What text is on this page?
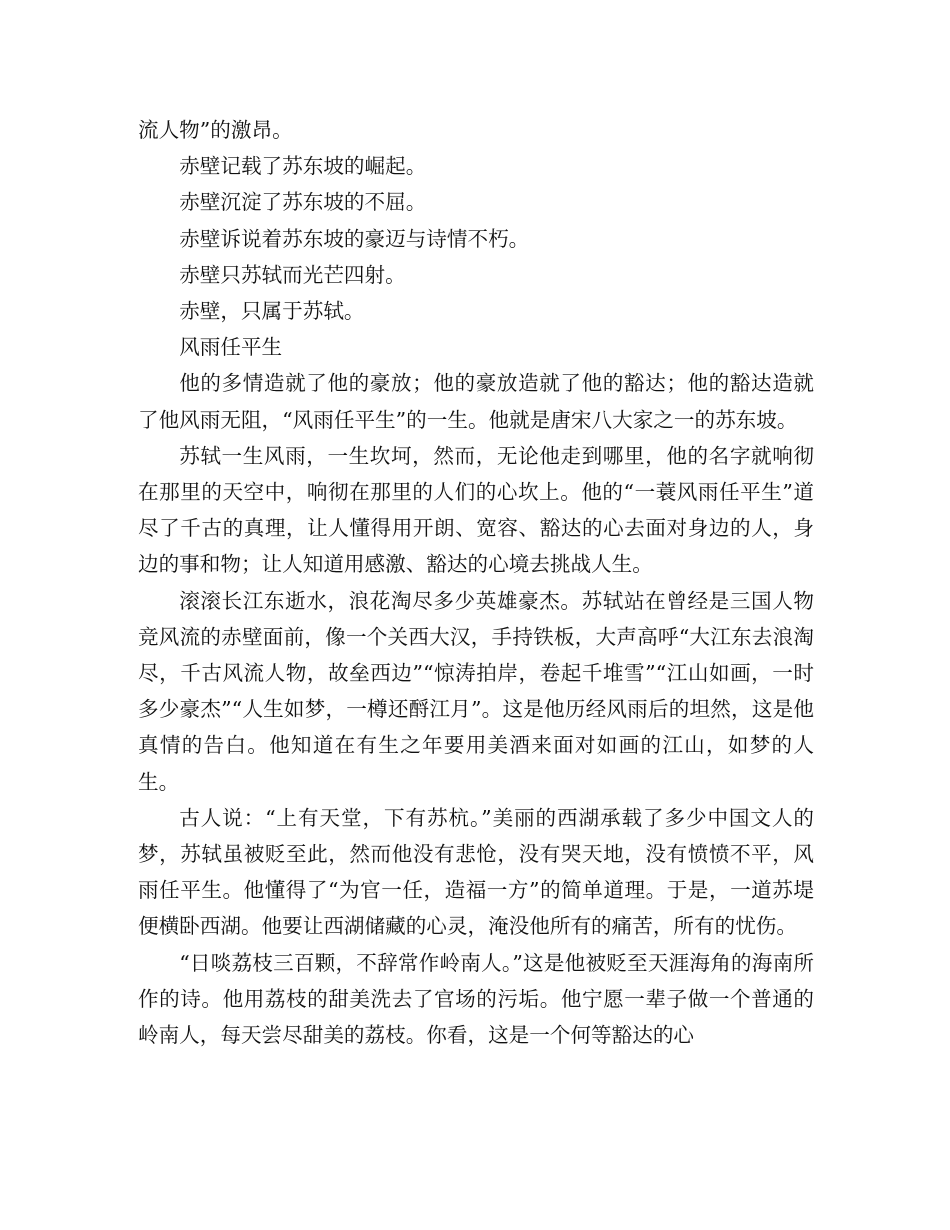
流人物”的激昂。

赤壁记载了苏东坡的崛起。

赤壁沉淀了苏东坡的不屈。

赤壁诉说着苏东坡的豪迈与诗情不朽。

赤壁只苏轼而光芒四射。

赤壁，只属于苏轼。

风雨任平生

他的多情造就了他的豪放；他的豪放造就了他的豁达；他的豁达造就了他风雨无阻，“风雨任平生”的一生。他就是唐宋八大家之一的苏东坡。

苏轼一生风雨，一生坎坷，然而，无论他走到哪里，他的名字就响彻在那里的天空中，响彻在那里的人们的心坎上。他的“一蓑风雨任平生”道尽了千古的真理，让人懂得用开朗、宽容、豁达的心去面对身边的人，身边的事和物；让人知道用感激、豁达的心境去挑战人生。

滚滚长江东逝水，浪花淘尽多少英雄豪杰。苏轼站在曾经是三国人物竞风流的赤壁面前，像一个关西大汉，手持铁板，大声高呼“大江东去浪淘尽，千古风流人物，故垒西边”“惊涛拍岸，卷起千堆雪”“江山如画，一时多少豪杰”“人生如梦，一樽还酹江月”。这是他历经风雨后的坦然，这是他真情的告白。他知道在有生之年要用美酒来面对如画的江山，如梦的人生。

古人说：“上有天堂，下有苏杭。”美丽的西湖承载了多少中国文人的梦，苏轼虽被贬至此，然而他没有悲怆，没有哭天地，没有愤愤不平，风雨任平生。他懂得了“为官一任，造福一方”的简单道理。于是，一道苏堤便横卧西湖。他要让西湖储藏的心灵，淹没他所有的痛苦，所有的忧伤。

“日啖荔枝三百颗，不辞常作岭南人。”这是他被贬至天涯海角的海南所作的诗。他用荔枝的甜美洗去了官场的污垢。他宁愿一辈子做一个普通的岭南人，每天尝尽甜美的荔枝。你看，这是一个何等豁达的心
